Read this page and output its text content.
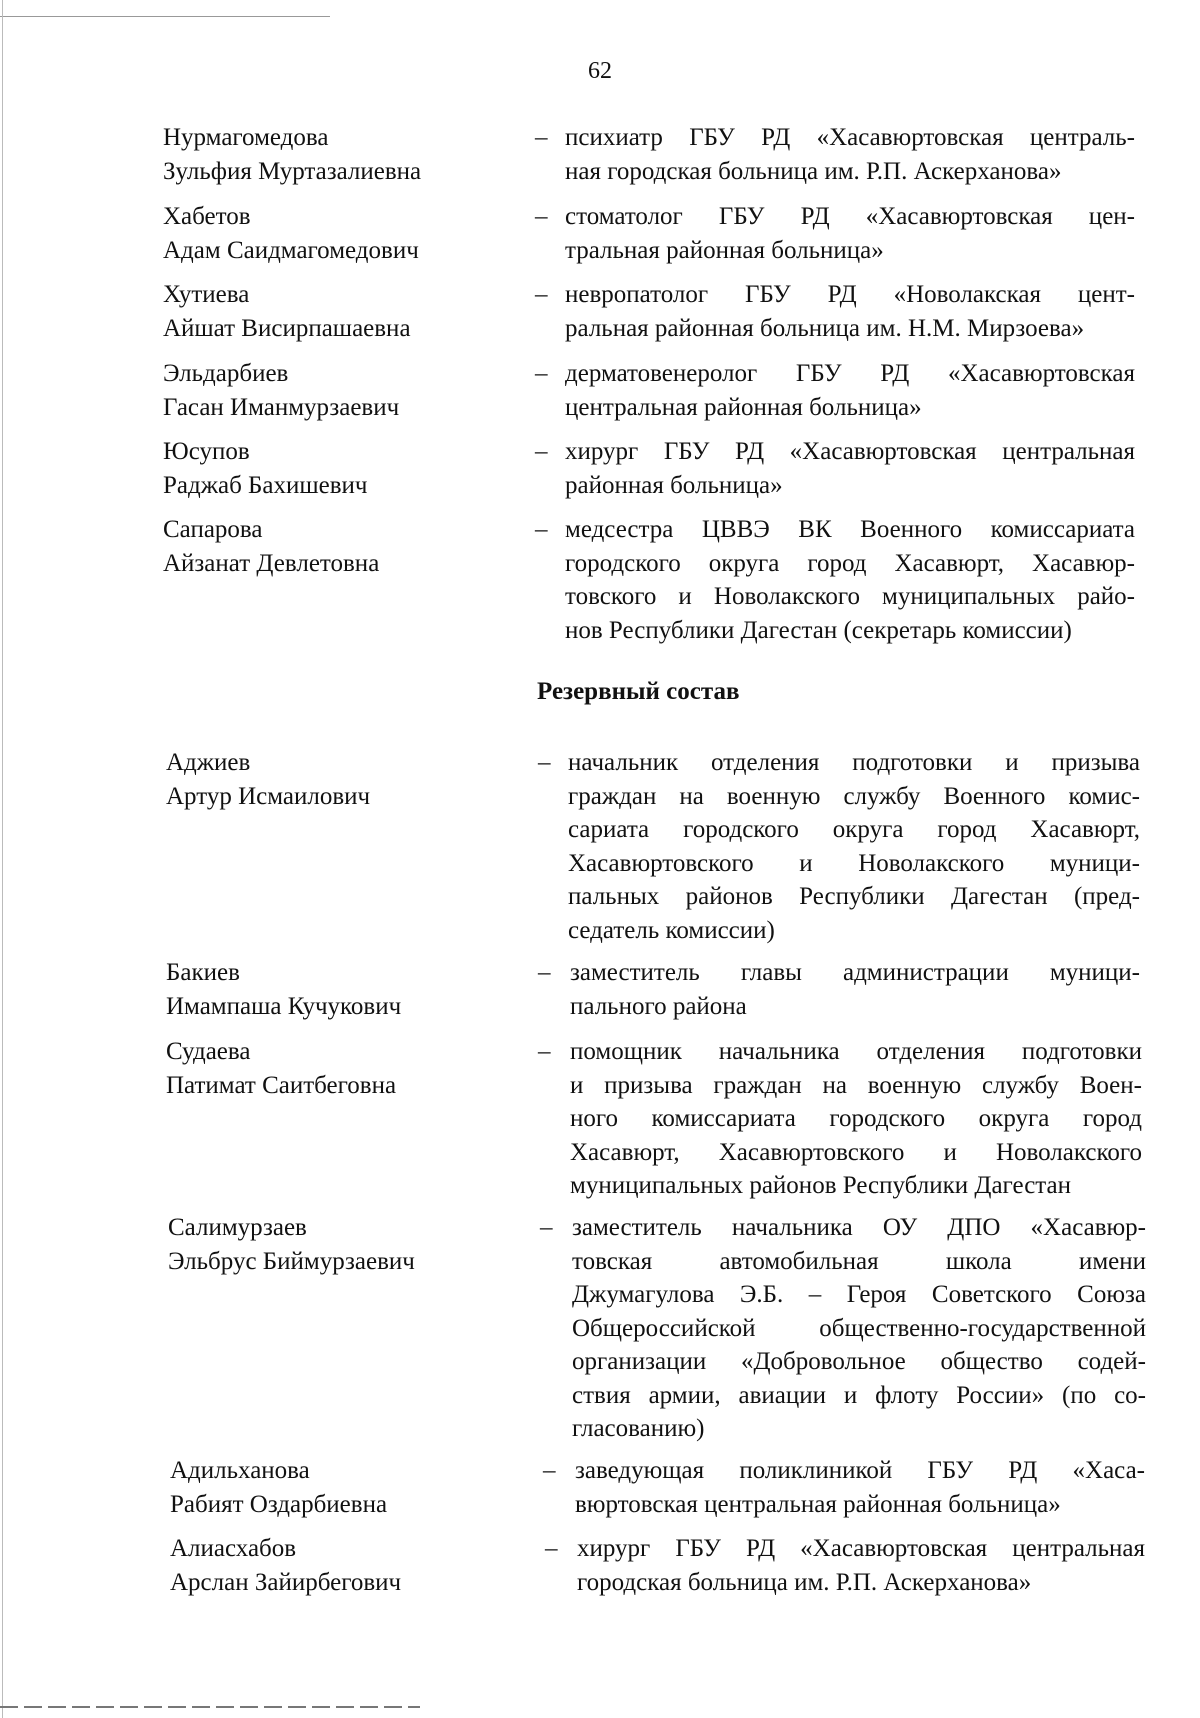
62
Нурмагомедова
Зульфия Муртазалиевна
– психиатр ГБУ РД «Хасавюртовская централь-
ная городская больница им. Р.П. Аскерханова»
Хабетов
Адам Саидмагомедович
– стоматолог ГБУ РД «Хасавюртовская цен-
тральная районная больница»
Хутиева
Айшат Висирпашаевна
– невропатолог ГБУ РД «Новолакская цент-
ральная районная больница им. Н.М. Мирзоева»
Эльдарбиев
Гасан Иманмурзаевич
– дерматовенеролог ГБУ РД «Хасавюртовская
центральная районная больница»
Юсупов
Раджаб Бахишевич
– хирург ГБУ РД «Хасавюртовская центральная
районная больница»
Сапарова
Айзанат Девлетовна
– медсестра ЦВВЭ ВК Военного комиссариата
городского округа город Хасавюрт, Хасавюр-
товского и Новолакского муниципальных райо-
нов Республики Дагестан (секретарь комиссии)
Резервный состав
Аджиев
Артур Исмаилович
– начальник отделения подготовки и призыва
граждан на военную службу Военного комис-
сариата городского округа город Хасавюрт,
Хасавюртовского и Новолакского муници-
пальных районов Республики Дагестан (пред-
седатель комиссии)
Бакиев
Имампаша Кучукович
– заместитель главы администрации муници-
пального района
Судаева
Патимат Саитбеговна
– помощник начальника отделения подготовки
и призыва граждан на военную службу Воен-
ного комиссариата городского округа город
Хасавюрт, Хасавюртовского и Новолакского
муниципальных районов Республики Дагестан
Салимурзаев
Эльбрус Биймурзаевич
– заместитель начальника ОУ ДПО «Хасавюр-
товская автомобильная школа имени
Джумагулова Э.Б. – Героя Советского Союза
Общероссийской общественно-государственной
организации «Добровольное общество содей-
ствия армии, авиации и флоту России» (по со-
гласованию)
Адильханова
Рабият Оздарбиевна
– заведующая поликлиникой ГБУ РД «Хаса-
вюртовская центральная районная больница»
Алиасхабов
Арслан Зайирбегович
– хирург ГБУ РД «Хасавюртовская центральная
городская больница им. Р.П. Аскерханова»
